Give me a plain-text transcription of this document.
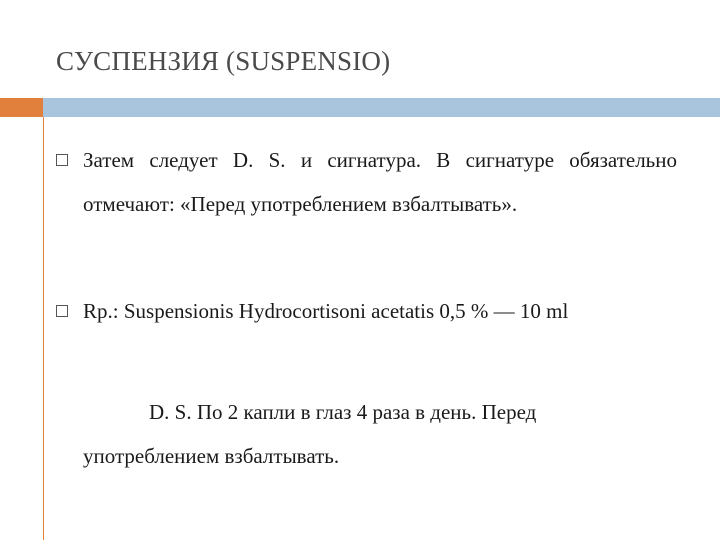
СУСПЕНЗИЯ (SUSPENSIO)
Затем следует D. S. и сигнатура. В сигнатуре обязательно отмечают: «Перед употреблением взбалтывать».
Rp.: Suspensionis Hydrocortisoni acetatis 0,5 % — 10 ml
D. S. По 2 капли в глаз 4 раза в день. Перед
употреблением взбалтывать.
